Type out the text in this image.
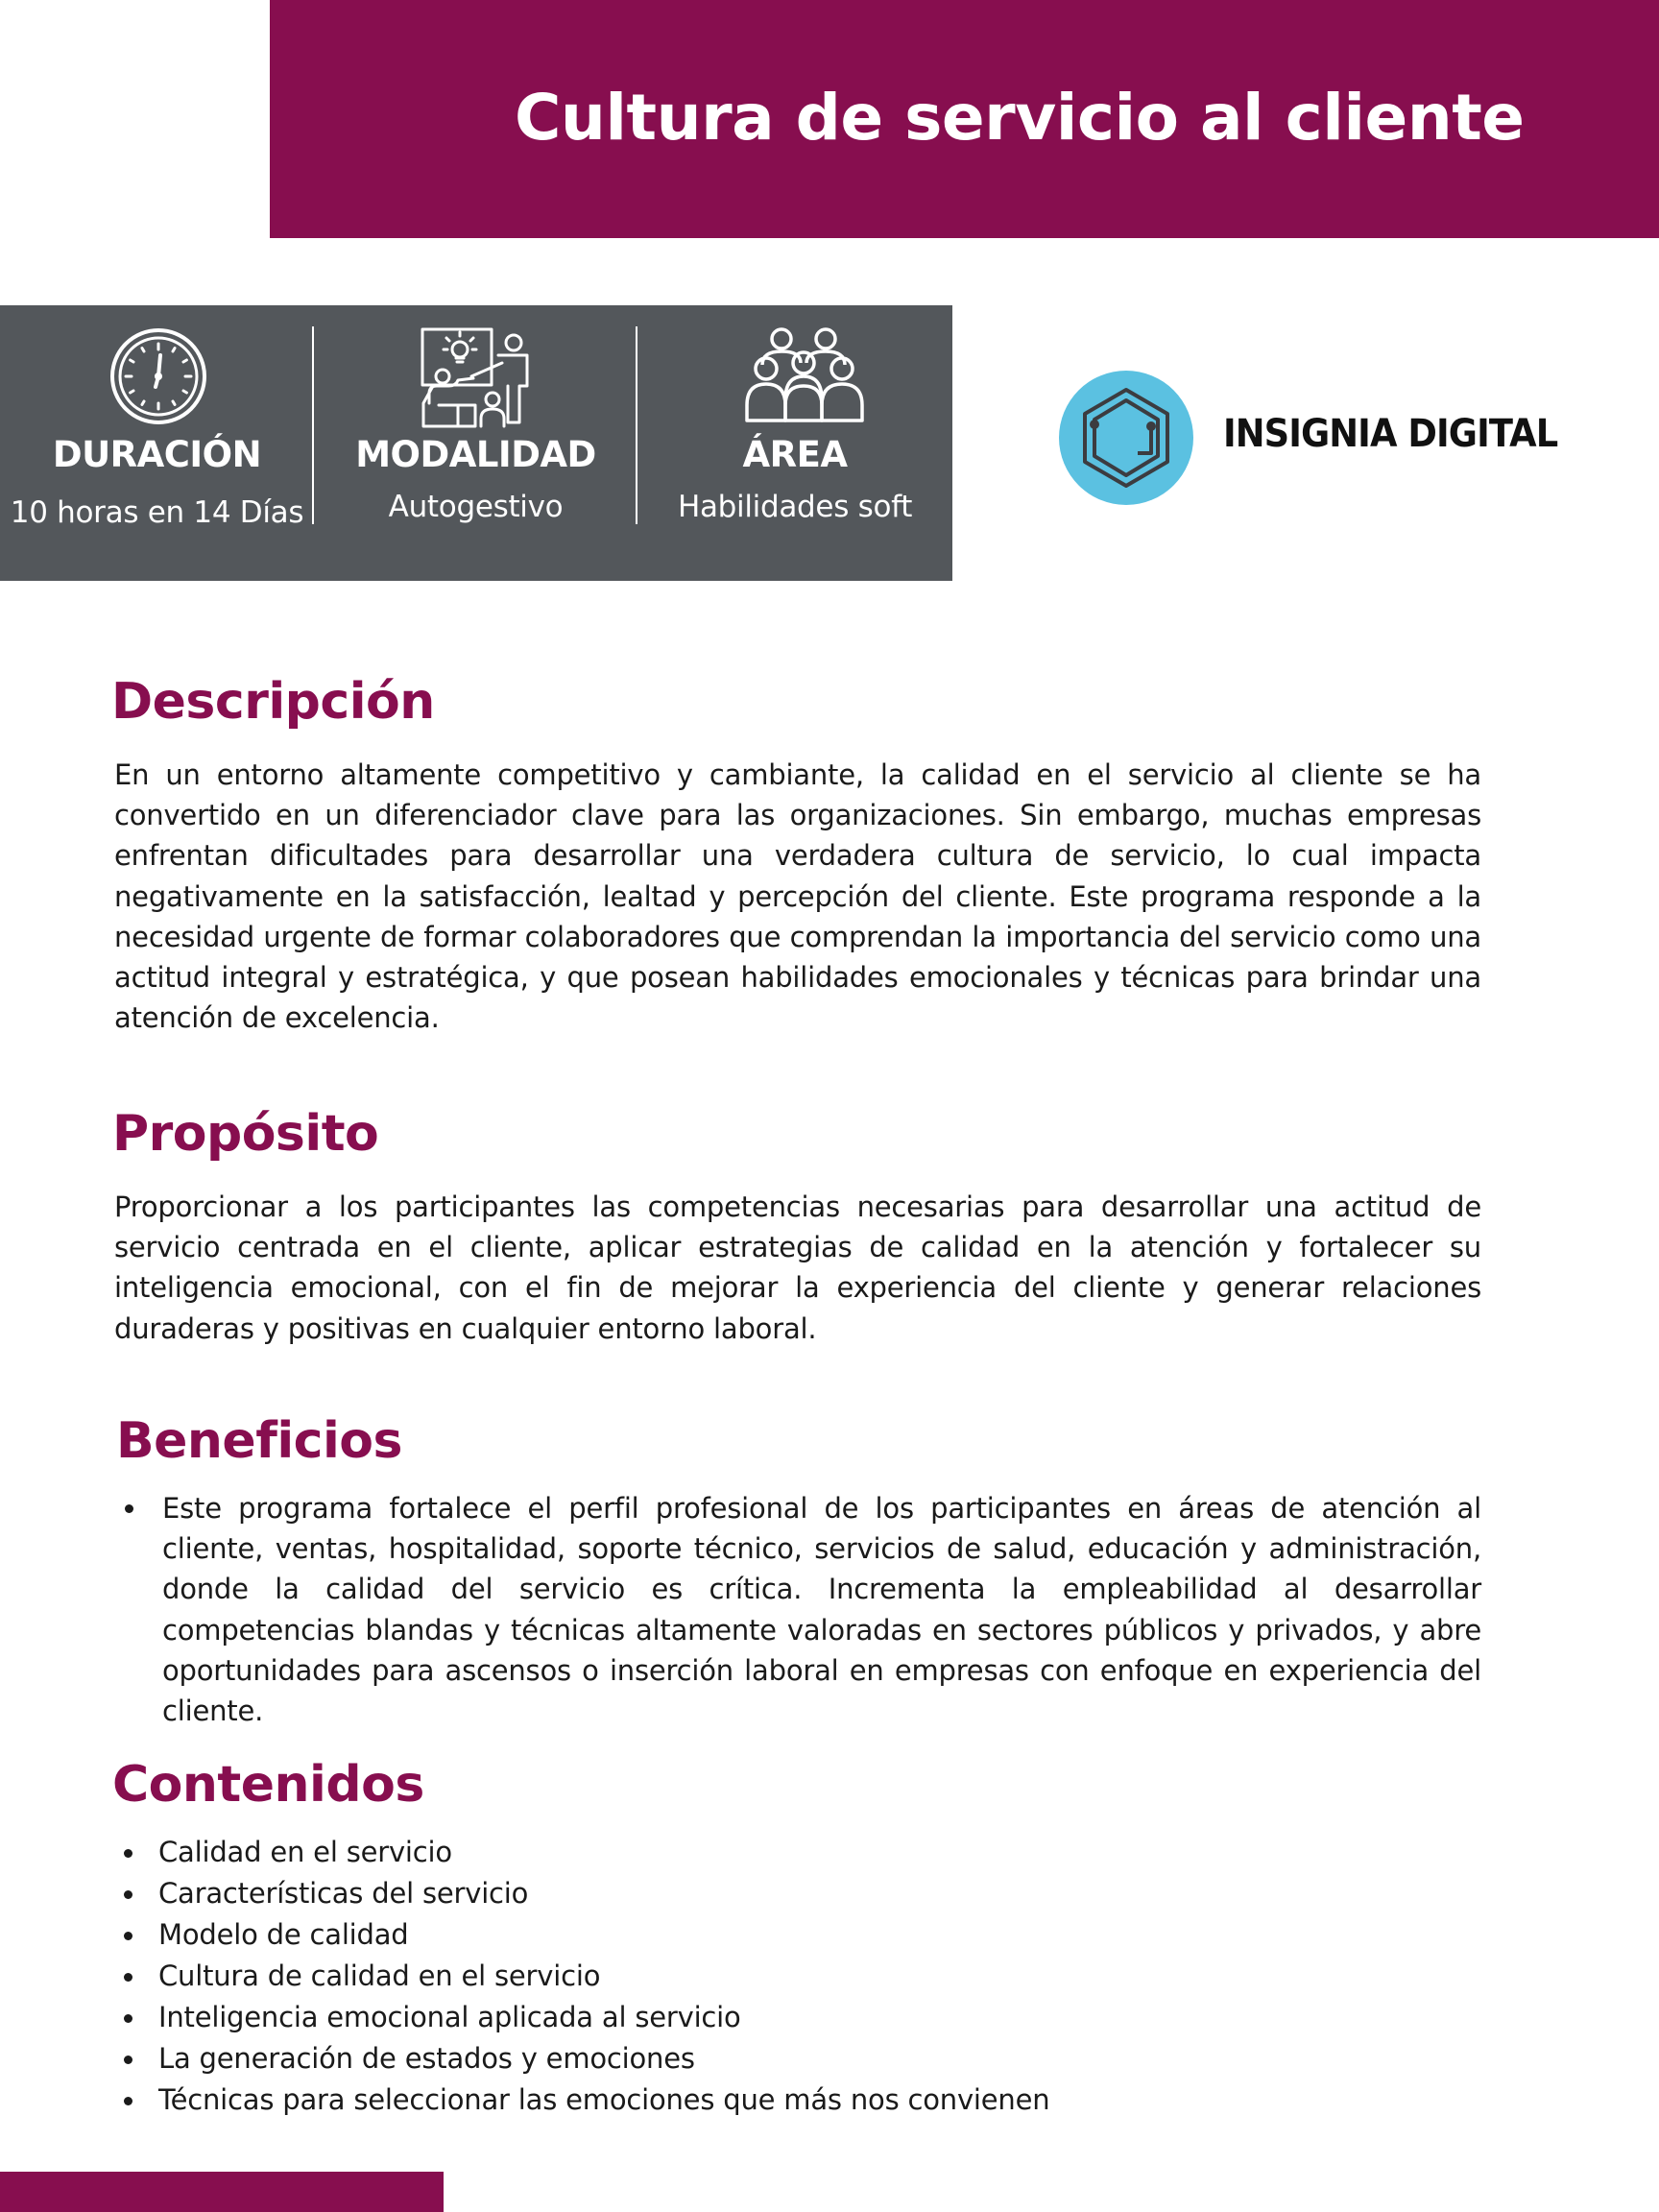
Cultura de servicio al cliente
DURACIÓN
10 horas en 14 Días
MODALIDAD
Autogestivo
ÁREA
Habilidades soft

INSIGNIA DIGITAL

Descripción

En un entorno altamente competitivo y cambiante, la calidad en el servicio al cliente se ha convertido en un diferenciador clave para las organizaciones. Sin embargo, muchas empresas enfrentan dificultades para desarrollar una verdadera cultura de servicio, lo cual impacta negativamente en la satisfacción, lealtad y percepción del cliente. Este programa responde a la necesidad urgente de formar colaboradores que comprendan la importancia del servicio como una actitud integral y estratégica, y que posean habilidades emocionales y técnicas para brindar una atención de excelencia.

Propósito

Proporcionar a los participantes las competencias necesarias para desarrollar una actitud de servicio centrada en el cliente, aplicar estrategias de calidad en la atención y fortalecer su inteligencia emocional, con el fin de mejorar la experiencia del cliente y generar relaciones duraderas y positivas en cualquier entorno laboral.

Beneficios
Este programa fortalece el perfil profesional de los participantes en áreas de atención al cliente, ventas, hospitalidad, soporte técnico, servicios de salud, educación y administración, donde la calidad del servicio es crítica. Incrementa la empleabilidad al desarrollar competencias blandas y técnicas altamente valoradas en sectores públicos y privados, y abre oportunidades para ascensos o inserción laboral en empresas con enfoque en experiencia del cliente.
Contenidos
Calidad en el servicio
Características del servicio
Modelo de calidad
Cultura de calidad en el servicio
Inteligencia emocional aplicada al servicio
La generación de estados y emociones
Técnicas para seleccionar las emociones que más nos convienen
